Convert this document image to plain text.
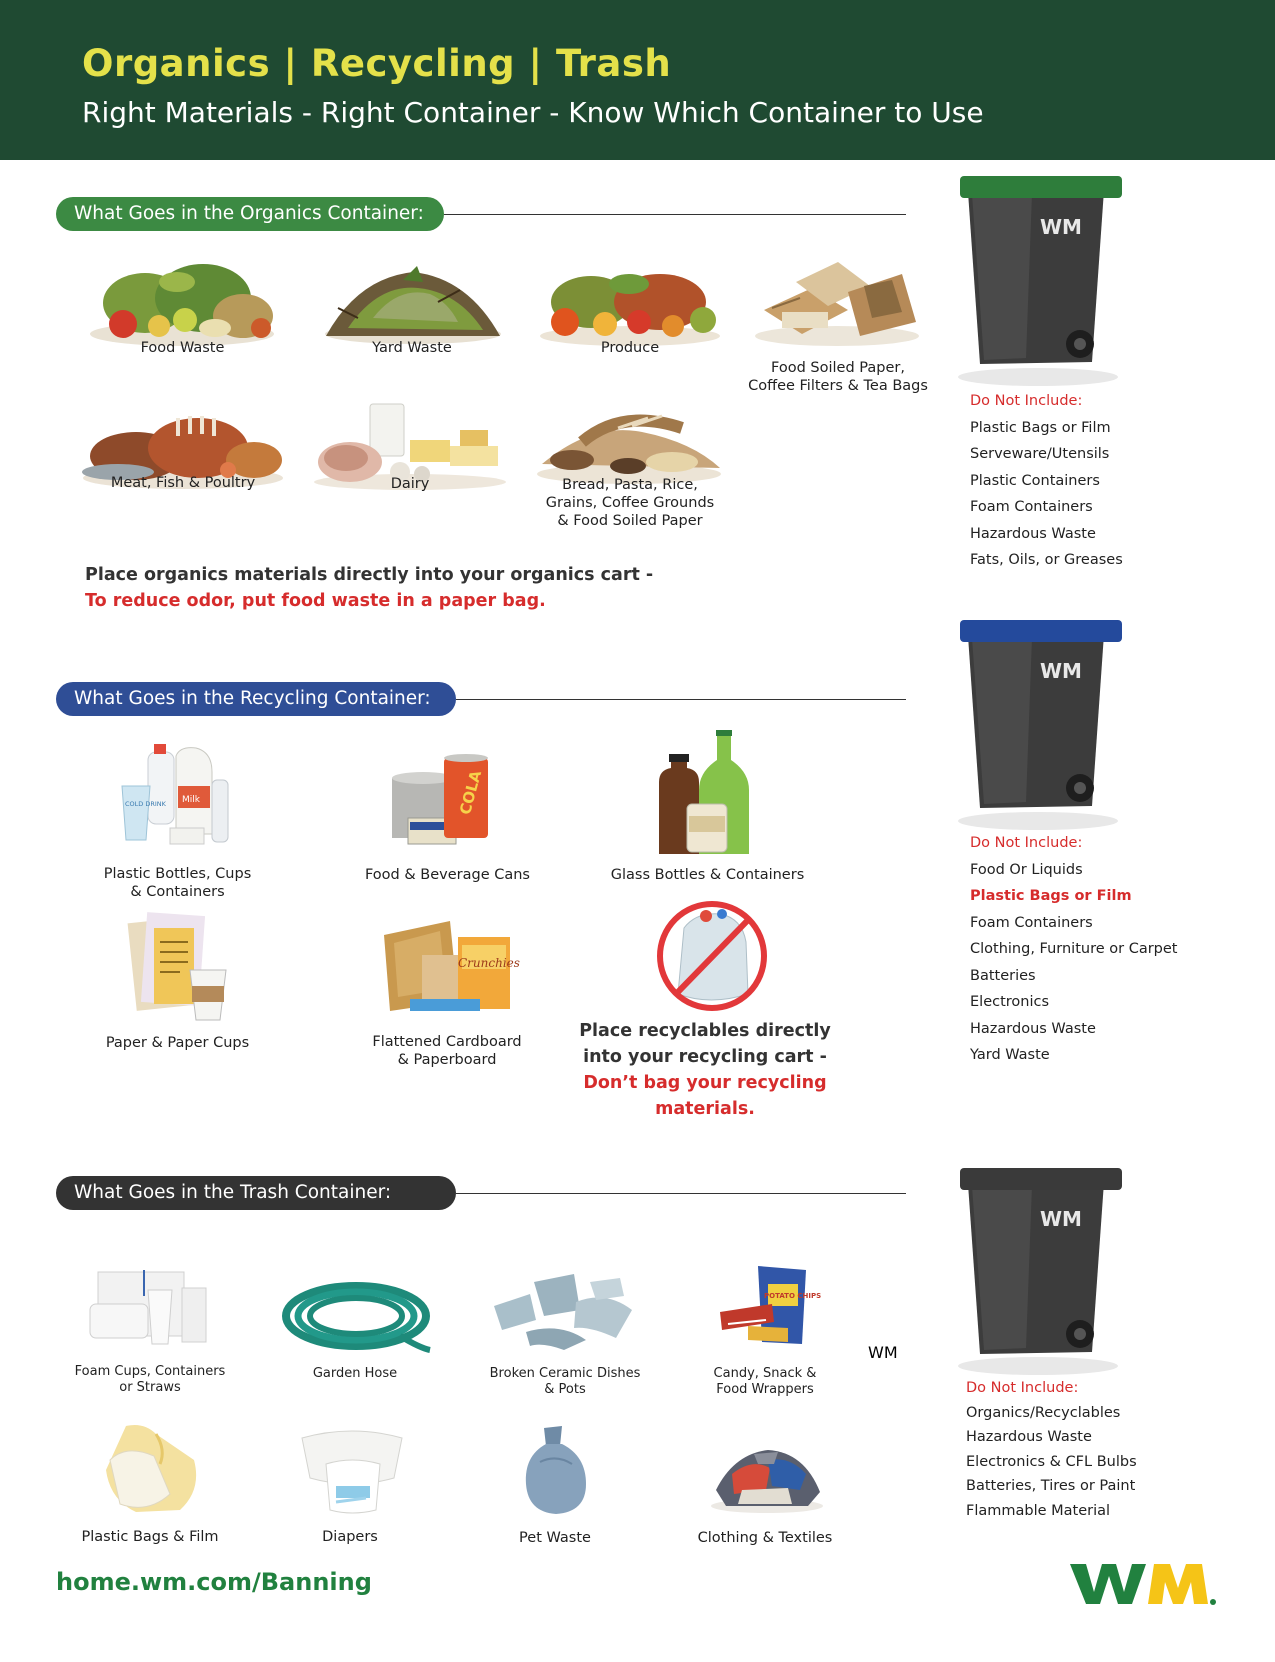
Organics | Recycling | Trash
Right Materials - Right Container - Know Which Container to Use
What Goes in the Organics Container:
Food Waste	Yard Waste	Produce
Food Soiled Paper,
Coffee Filters & Tea Bags
Meat, Fish & Poultry	Dairy	Bread, Pasta, Rice,
Grains, Coffee Grounds
& Food Soiled Paper
Place organics materials directly into your organics cart -
To reduce odor, put food waste in a paper bag.
WM
Do Not Include:
Plastic Bags or Film
Serveware/Utensils
Plastic Containers
Foam Containers
Hazardous Waste
Fats, Oils, or Greases
What Goes in the Recycling Container:
Milk
COLD DRINK
Plastic Bottles, Cups
& Containers
COLA
Food & Beverage Cans	Glass Bottles & Containers
Paper & Paper Cups
Crunchies
Flattened Cardboard
& Paperboard
Place recyclables directly
into your recycling cart -
Don’t bag your recycling
materials.
WM
Do Not Include:
Food Or Liquids
Plastic Bags or Film
Foam Containers
Clothing, Furniture or Carpet
Batteries
Electronics
Hazardous Waste
Yard Waste
What Goes in the Trash Container:
Foam Cups, Containers
or Straws
Garden Hose	Broken Ceramic Dishes
& Pots
POTATO CHIPS
Candy, Snack &
Food Wrappers
Plastic Bags & Film	Diapers	Pet Waste	Clothing & Textiles
WM
Do Not Include:
Organics/Recyclables
Hazardous Waste
Electronics & CFL Bulbs
Batteries, Tires or Paint
Flammable Material
home.wm.com/Banning
WM
